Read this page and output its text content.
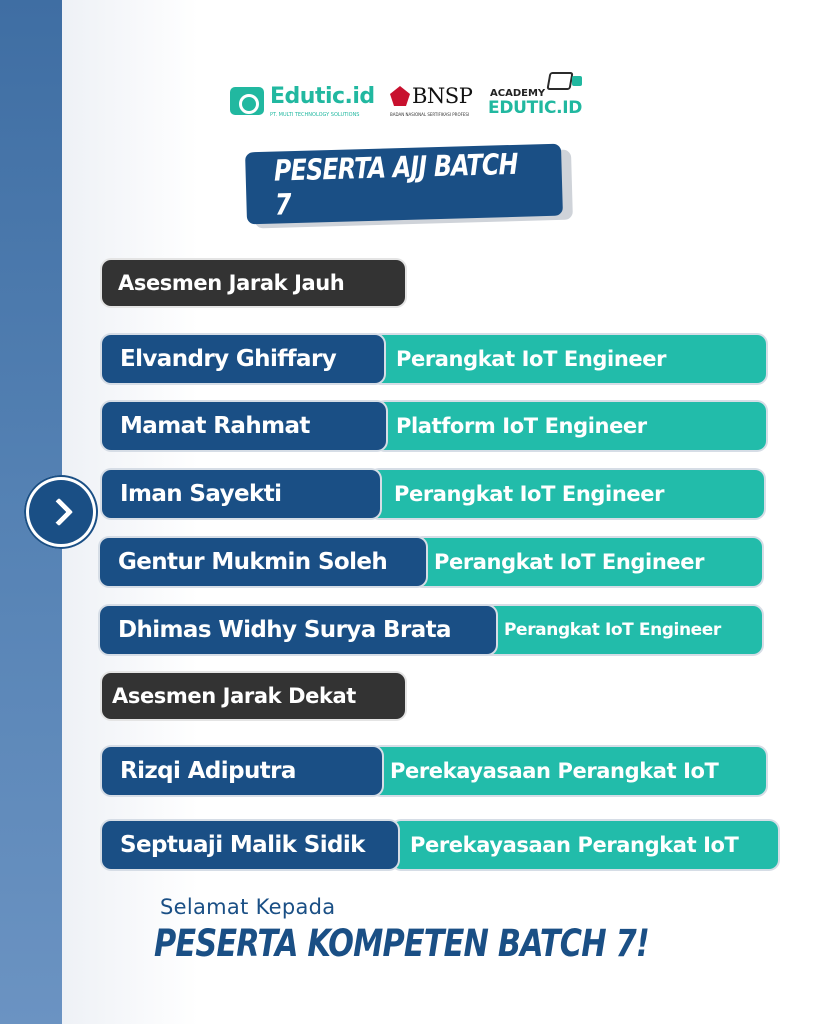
Edutic.id
PT. MULTI TECHNOLOGY SOLUTIONS
BNSP
BADAN NASIONAL SERTIFIKASI PROFESI
ACADEMY
EDUTIC.ID
PESERTA AJJ BATCH 7
Asesmen Jarak Jauh
Perangkat IoT Engineer
Elvandry Ghiffary
Platform IoT Engineer
Mamat Rahmat
Perangkat IoT Engineer
Iman Sayekti
Perangkat IoT Engineer
Gentur Mukmin Soleh
Perangkat IoT Engineer
Dhimas Widhy Surya Brata
Asesmen Jarak Dekat
Perekayasaan Perangkat IoT
Rizqi Adiputra
Perekayasaan Perangkat IoT
Septuaji Malik Sidik
Selamat Kepada
PESERTA KOMPETEN BATCH 7!
